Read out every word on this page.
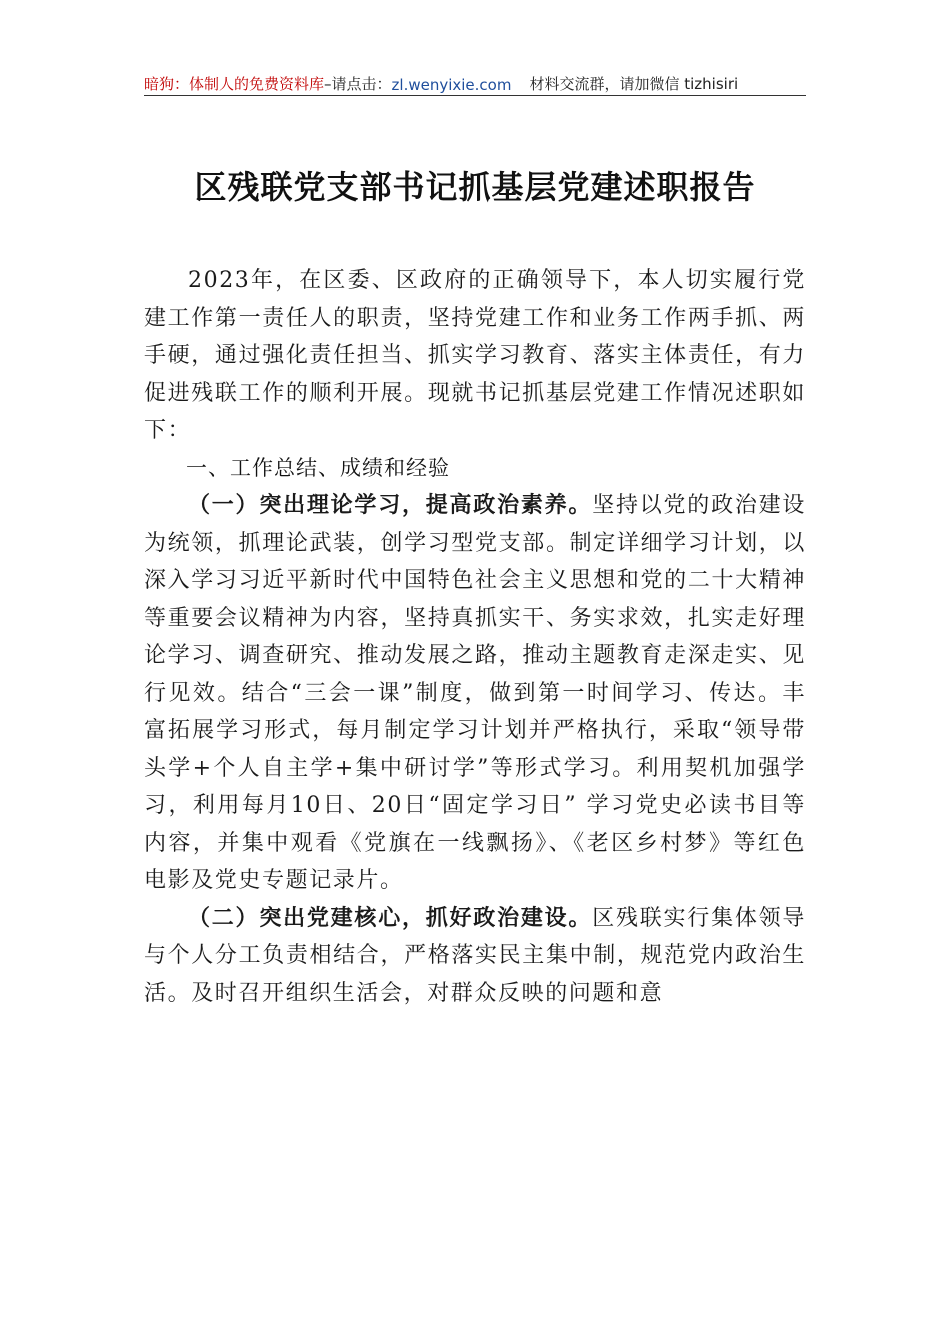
暗狗：体制人的免费资料库 –请点击： zl.wenyixie.com 材料交流群，请加微信 tizhisiri
区残联党支部书记抓基层党建述职报告

2023年，在区委、区政府的正确领导下，本人切实履行党建工作第一责任人的职责，坚持党建工作和业务工作两手抓、两手硬，通过强化责任担当、抓实学习教育、落实主体责任，有力促进残联工作的顺利开展。现就书记抓基层党建工作情况述职如下：

一、工作总结、成绩和经验

（一）突出理论学习，提高政治素养。坚持以党的政治建设为统领，抓理论武装，创学习型党支部。制定详细学习计划，以深入学习习近平新时代中国特色社会主义思想和党的二十大精神等重要会议精神为内容，坚持真抓实干、务实求效，扎实走好理论学习、调查研究、推动发展之路，推动主题教育走深走实、见行见效。结合“三会一课”制度，做到第一时间学习、传达。丰富拓展学习形式，每月制定学习计划并严格执行，采取“领导带头学+个人自主学+集中研讨学”等形式学习。利用契机加强学习，利用每月10日、20日“固定学习日” 学习党史必读书目等内容，并集中观看《党旗在一线飘扬》、《老区乡村梦》等红色电影及党史专题记录片。

（二）突出党建核心，抓好政治建设。区残联实行集体领导与个人分工负责相结合，严格落实民主集中制，规范党内政治生活。及时召开组织生活会，对群众反映的问题和意
